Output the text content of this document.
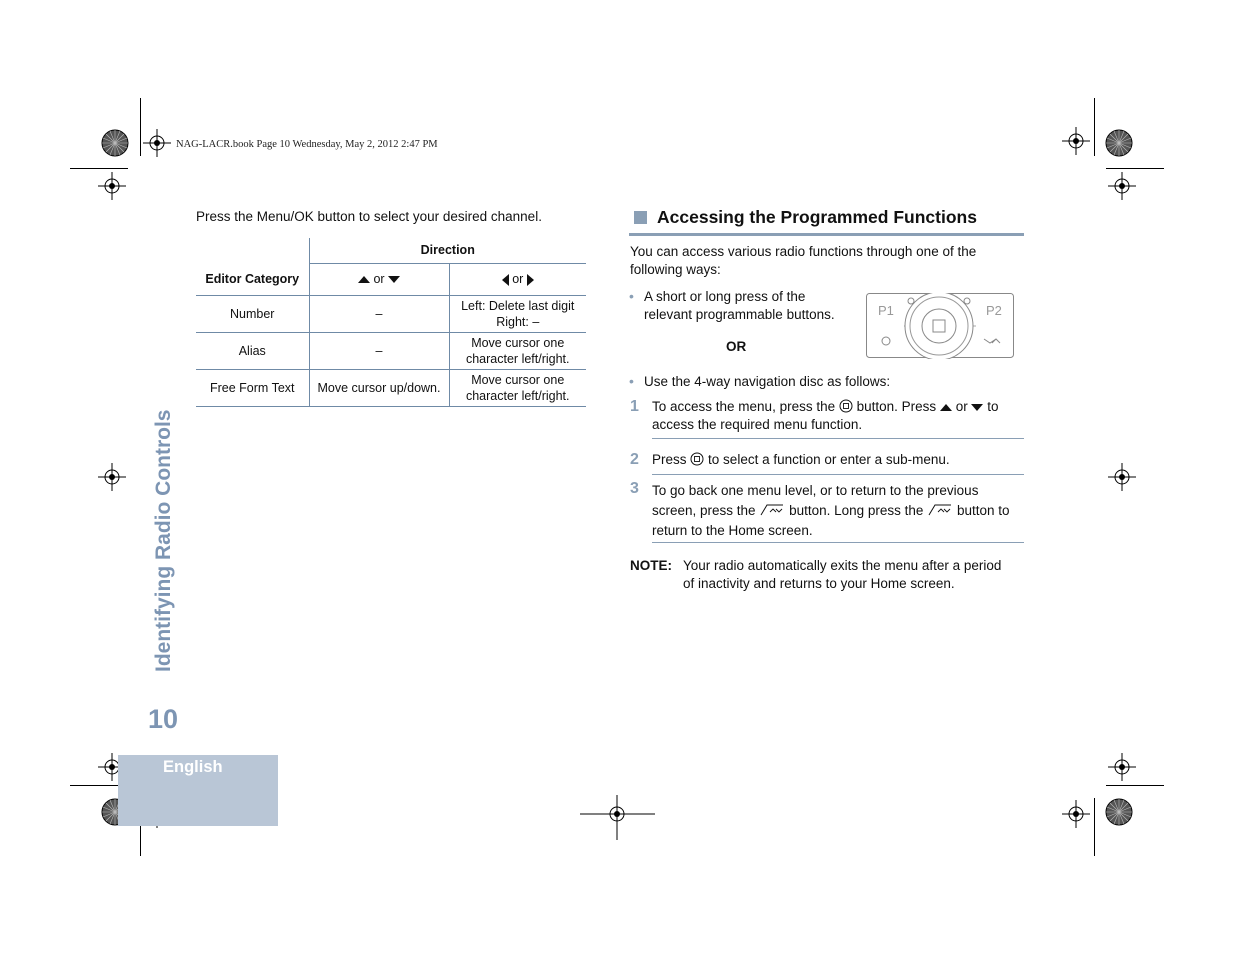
NAG-LACR.book Page 10 Wednesday, May 2, 2012 2:47 PM
Press the Menu/OK button to select your desired channel.
	Direction	
Editor Category	or	or
Number	–	Left: Delete last digit
Right: –

Alias	–	Move cursor one
character left/right.

Free Form Text	Move cursor up/down.	Move cursor one
character left/right.
Accessing the Programmed Functions
You can access various radio functions through one of the
following ways:
• A short or long press of the
relevant programmable buttons.
OR
P1	P2
• Use the 4-way navigation disc as follows:
1 To access the menu, press the button. Press or to
access the required menu function.
2 Press to select a function or enter a sub-menu.
3 To go back one menu level, or to return to the previous
screen, press the button. Long press the button to
return to the Home screen.
NOTE: Your radio automatically exits the menu after a period
of inactivity and returns to your Home screen.
Identifying Radio Controls
10
English
